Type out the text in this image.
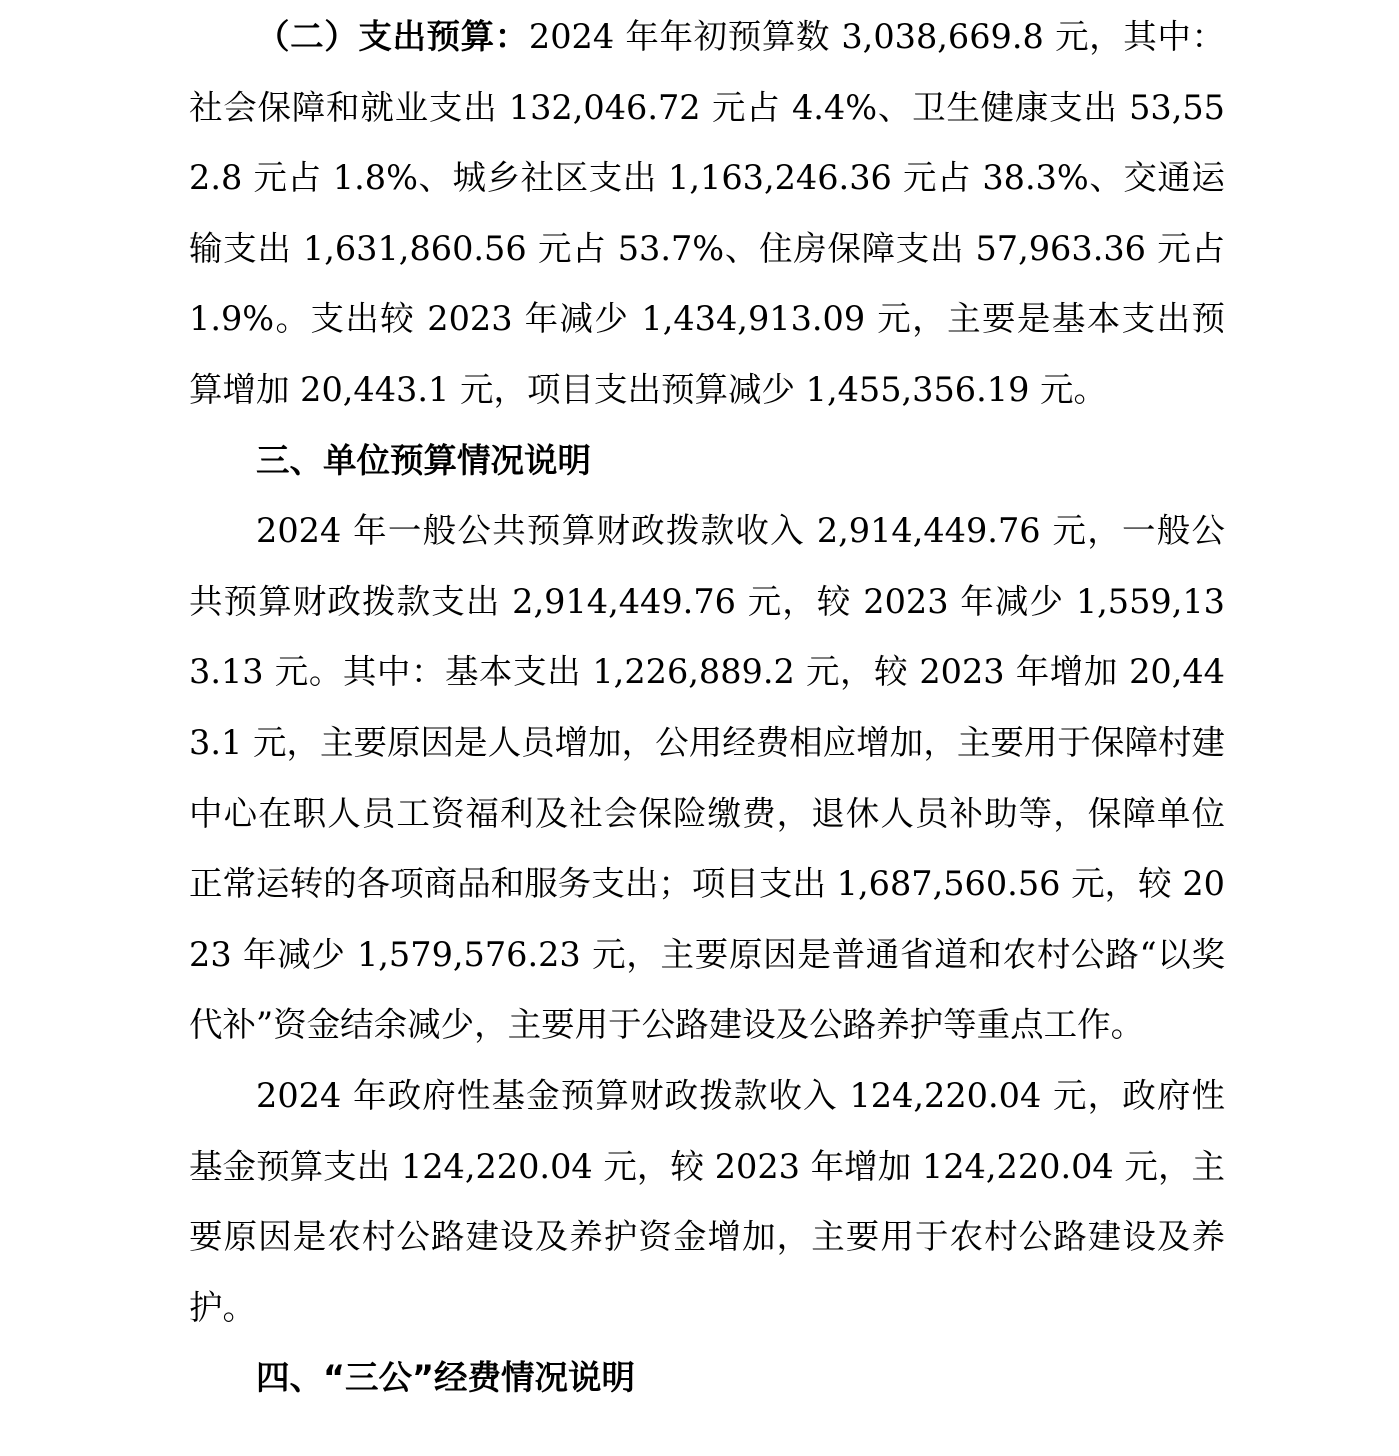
（二）支出预算：2024 年年初预算数 3,038,669.8 元，其中：社会保障和就业支出 132,046.72 元占 4.4%、卫生健康支出 53,552.8 元占 1.8%、城乡社区支出 1,163,246.36 元占 38.3%、交通运输支出 1,631,860.56 元占 53.7%、住房保障支出 57,963.36 元占 1.9%。支出较 2023 年减少 1,434,913.09 元，主要是基本支出预算增加 20,443.1 元，项目支出预算减少 1,455,356.19 元。

三、单位预算情况说明

2024 年一般公共预算财政拨款收入 2,914,449.76 元，一般公共预算财政拨款支出 2,914,449.76 元，较 2023 年减少 1,559,133.13 元。其中：基本支出 1,226,889.2 元，较 2023 年增加 20,443.1 元，主要原因是人员增加，公用经费相应增加，主要用于保障村建中心在职人员工资福利及社会保险缴费，退休人员补助等，保障单位正常运转的各项商品和服务支出；项目支出 1,687,560.56 元，较 2023 年减少 1,579,576.23 元，主要原因是普通省道和农村公路“以奖代补”资金结余减少，主要用于公路建设及公路养护等重点工作。

2024 年政府性基金预算财政拨款收入 124,220.04 元，政府性基金预算支出 124,220.04 元，较 2023 年增加 124,220.04 元，主要原因是农村公路建设及养护资金增加，主要用于农村公路建设及养护。

四、“三公”经费情况说明
